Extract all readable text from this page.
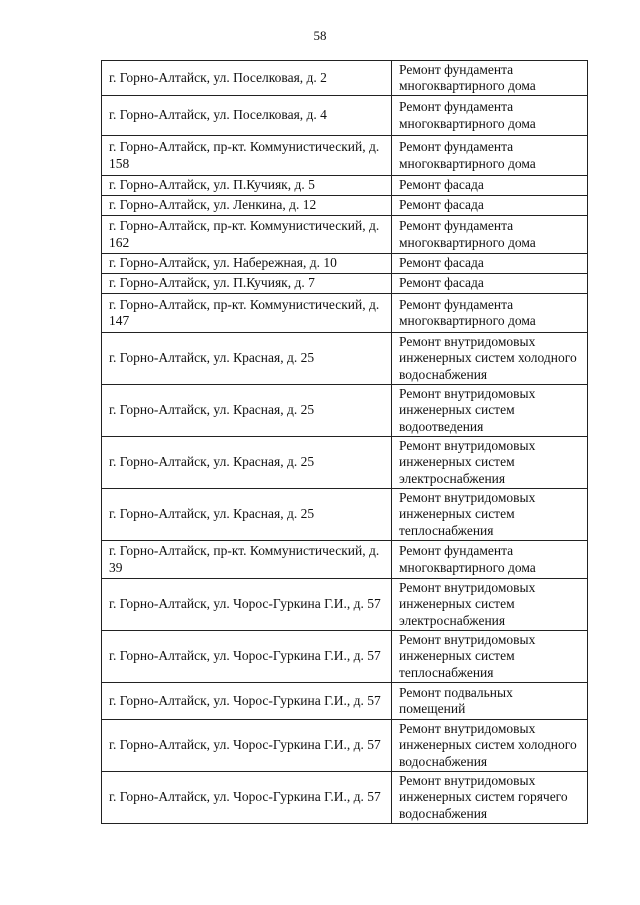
58
г. Горно-Алтайск, ул. Поселковая, д. 2	Ремонт фундамента многоквартирного дома
г. Горно-Алтайск, ул. Поселковая, д. 4	Ремонт фундамента многоквартирного дома
г. Горно-Алтайск, пр-кт. Коммунистический, д. 158	Ремонт фундамента многоквартирного дома
г. Горно-Алтайск, ул. П.Кучияк, д. 5	Ремонт фасада
г. Горно-Алтайск, ул. Ленкина, д. 12	Ремонт фасада
г. Горно-Алтайск, пр-кт. Коммунистический, д. 162	Ремонт фундамента многоквартирного дома
г. Горно-Алтайск, ул. Набережная, д. 10	Ремонт фасада
г. Горно-Алтайск, ул. П.Кучияк, д. 7	Ремонт фасада
г. Горно-Алтайск, пр-кт. Коммунистический, д. 147	Ремонт фундамента многоквартирного дома
г. Горно-Алтайск, ул. Красная, д. 25	Ремонт внутридомовых инженерных систем холодного водоснабжения
г. Горно-Алтайск, ул. Красная, д. 25	Ремонт внутридомовых инженерных систем водоотведения
г. Горно-Алтайск, ул. Красная, д. 25	Ремонт внутридомовых инженерных систем электроснабжения
г. Горно-Алтайск, ул. Красная, д. 25	Ремонт внутридомовых инженерных систем теплоснабжения
г. Горно-Алтайск, пр-кт. Коммунистический, д. 39	Ремонт фундамента многоквартирного дома
г. Горно-Алтайск, ул. Чорос-Гуркина Г.И., д. 57	Ремонт внутридомовых инженерных систем электроснабжения
г. Горно-Алтайск, ул. Чорос-Гуркина Г.И., д. 57	Ремонт внутридомовых инженерных систем теплоснабжения
г. Горно-Алтайск, ул. Чорос-Гуркина Г.И., д. 57	Ремонт подвальных помещений
г. Горно-Алтайск, ул. Чорос-Гуркина Г.И., д. 57	Ремонт внутридомовых инженерных систем холодного водоснабжения
г. Горно-Алтайск, ул. Чорос-Гуркина Г.И., д. 57	Ремонт внутридомовых инженерных систем горячего водоснабжения
